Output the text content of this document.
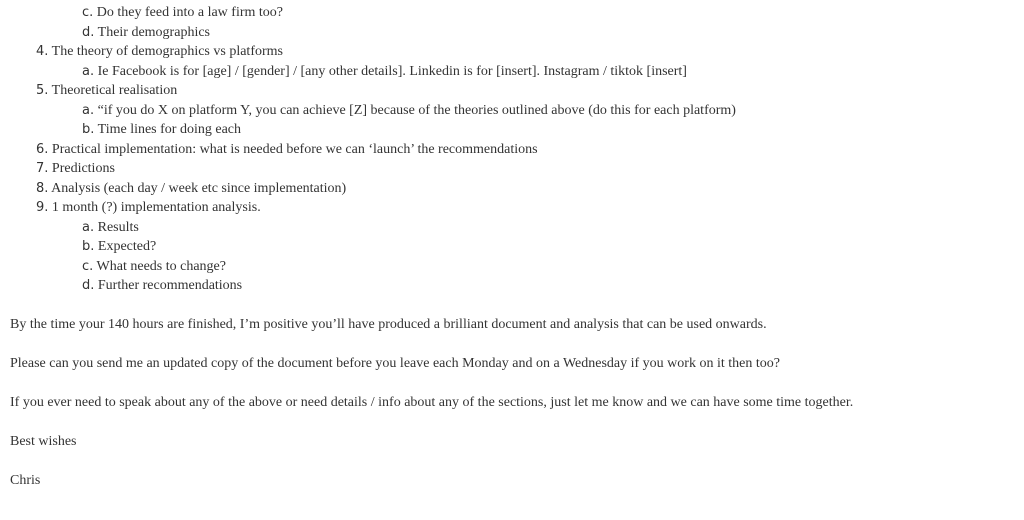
c. Do they feed into a law firm too?
d. Their demographics
4. The theory of demographics vs platforms
a. Ie Facebook is for [age] / [gender] / [any other details]. Linkedin is for [insert]. Instagram / tiktok [insert]
5. Theoretical realisation
a. “if you do X on platform Y, you can achieve [Z] because of the theories outlined above (do this for each platform)
b. Time lines for doing each
6. Practical implementation: what is needed before we can ‘launch’ the recommendations
7. Predictions
8. Analysis (each day / week etc since implementation)
9. 1 month (?) implementation analysis.
a. Results
b. Expected?
c. What needs to change?
d. Further recommendations
By the time your 140 hours are finished, I’m positive you’ll have produced a brilliant document and analysis that can be used onwards.
Please can you send me an updated copy of the document before you leave each Monday and on a Wednesday if you work on it then too?
If you ever need to speak about any of the above or need details / info about any of the sections, just let me know and we can have some time together.
Best wishes
Chris
